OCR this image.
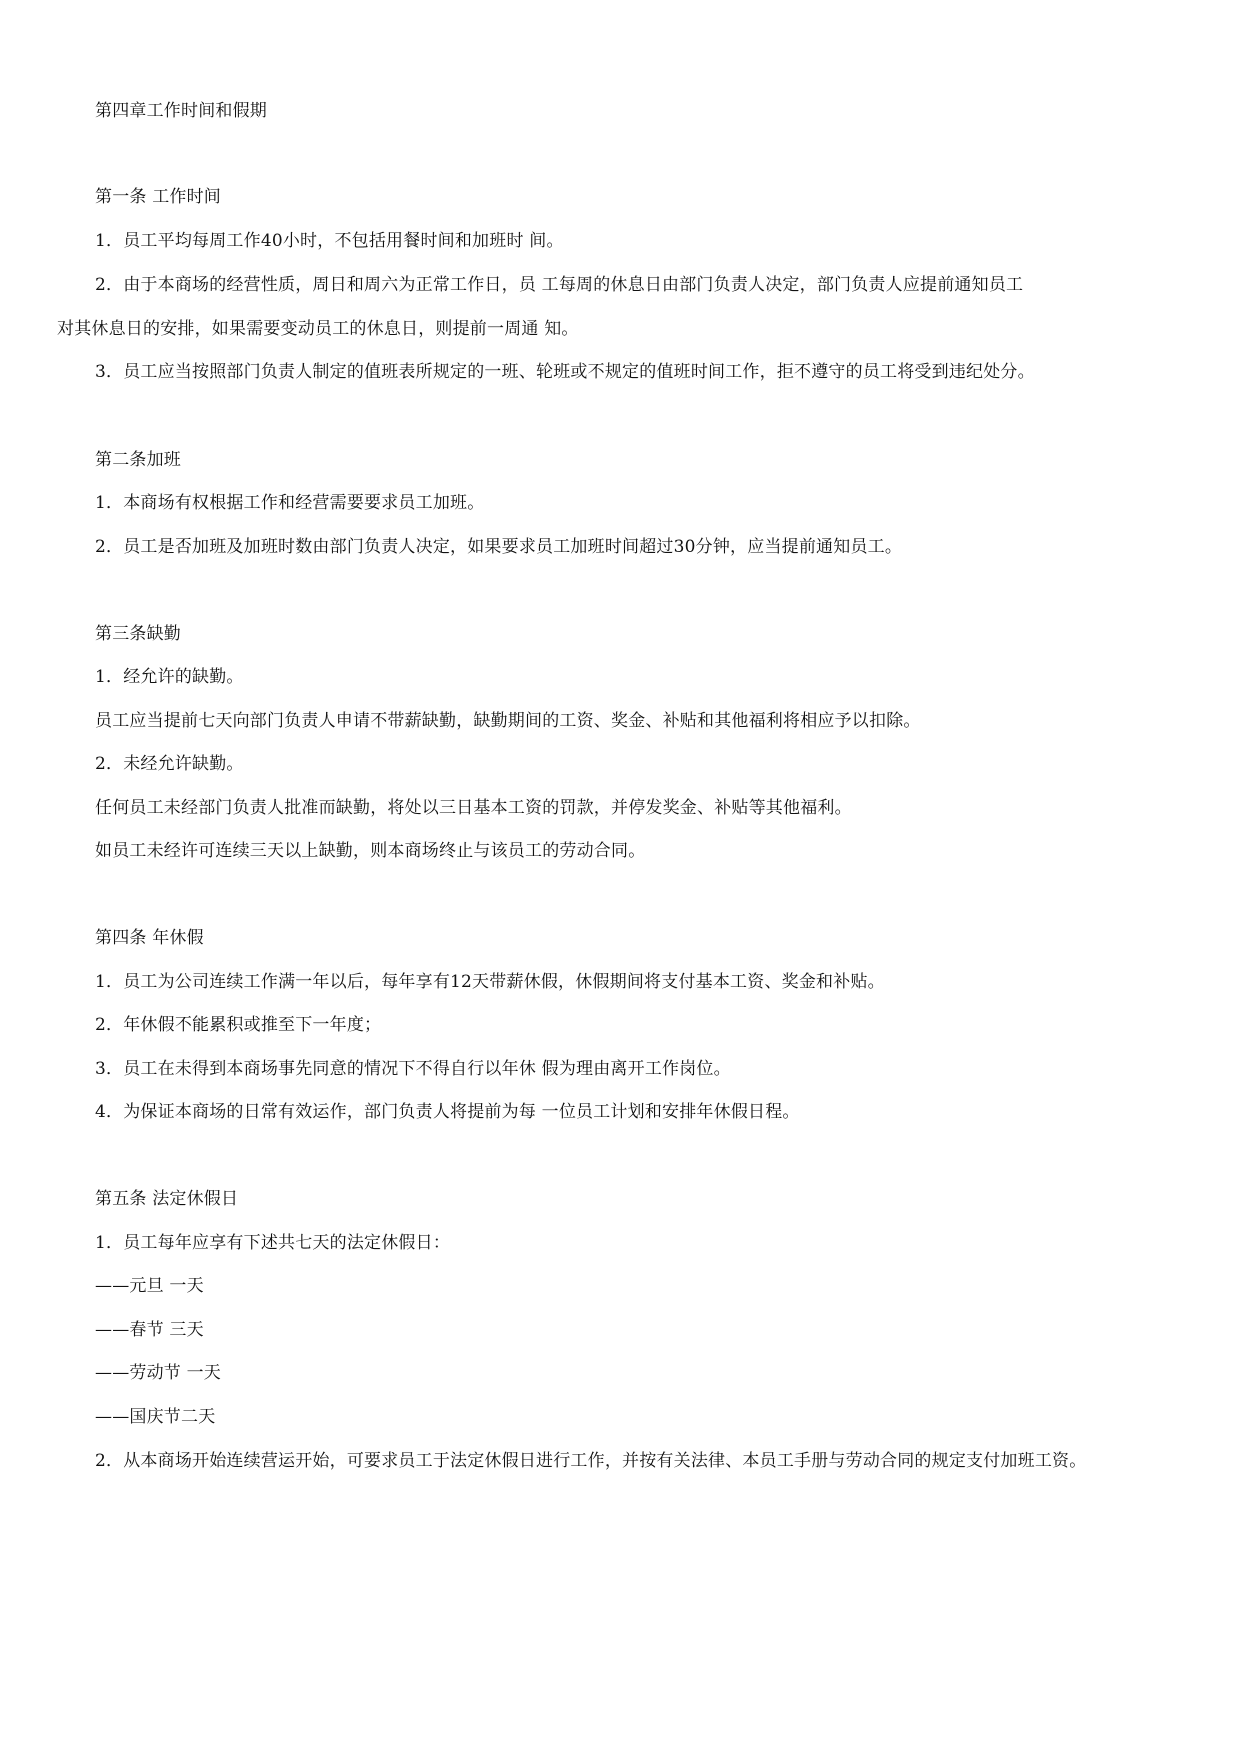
第四章工作时间和假期
第一条 工作时间
1．员工平均每周工作40小时，不包括用餐时间和加班时 间。
2．由于本商场的经营性质，周日和周六为正常工作日，员 工每周的休息日由部门负责人决定，部门负责人应提前通知员工
对其休息日的安排，如果需要变动员工的休息日，则提前一周通 知。
3．员工应当按照部门负责人制定的值班表所规定的一班、轮班或不规定的值班时间工作，拒不遵守的员工将受到违纪处分。
第二条加班
1．本商场有权根据工作和经营需要要求员工加班。
2．员工是否加班及加班时数由部门负责人决定，如果要求员工加班时间超过30分钟，应当提前通知员工。
第三条缺勤
1．经允许的缺勤。
员工应当提前七天向部门负责人申请不带薪缺勤，缺勤期间的工资、奖金、补贴和其他福利将相应予以扣除。
2．未经允许缺勤。
任何员工未经部门负责人批准而缺勤，将处以三日基本工资的罚款，并停发奖金、补贴等其他福利。
如员工未经许可连续三天以上缺勤，则本商场终止与该员工的劳动合同。
第四条 年休假
1．员工为公司连续工作满一年以后，每年享有12天带薪休假，休假期间将支付基本工资、奖金和补贴。
2．年休假不能累积或推至下一年度；
3．员工在未得到本商场事先同意的情况下不得自行以年休 假为理由离开工作岗位。
4．为保证本商场的日常有效运作，部门负责人将提前为每 一位员工计划和安排年休假日程。
第五条 法定休假日
1．员工每年应享有下述共七天的法定休假日：
——元旦 一天
——春节 三天
——劳动节 一天
——国庆节二天
2．从本商场开始连续营运开始，可要求员工于法定休假日进行工作，并按有关法律、本员工手册与劳动合同的规定支付加班工资。
